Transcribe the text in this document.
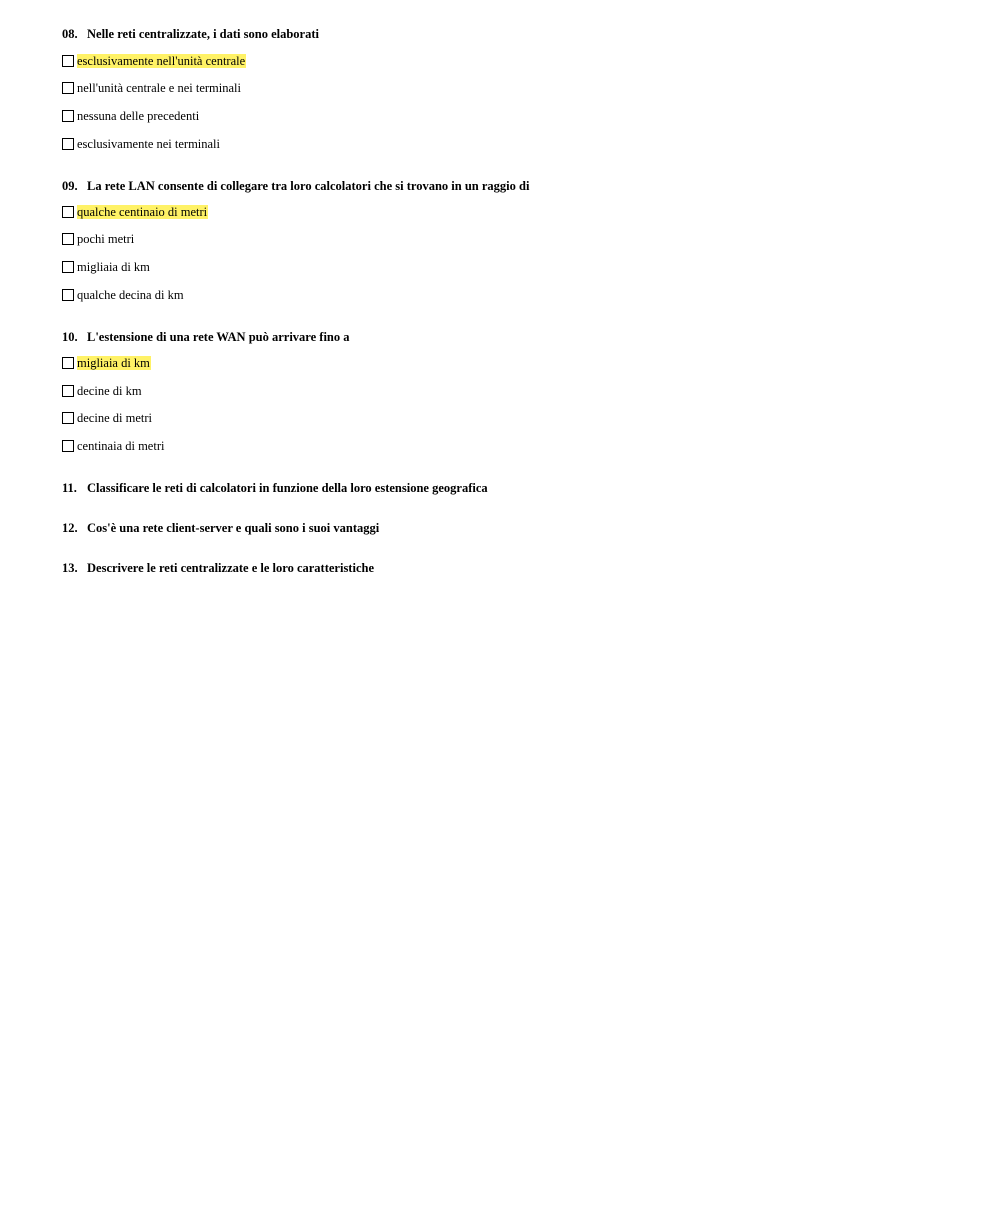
08. Nelle reti centralizzate, i dati sono elaborati
esclusivamente nell'unità centrale
nell'unità centrale e nei terminali
nessuna delle precedenti
esclusivamente nei terminali
09. La rete LAN consente di collegare tra loro calcolatori che si trovano in un raggio di
qualche centinaio di metri
pochi metri
migliaia di km
qualche decina di km
10. L'estensione di una rete WAN può arrivare fino a
migliaia di km
decine di km
decine di metri
centinaia di metri
11. Classificare le reti di calcolatori in funzione della loro estensione geografica
12. Cos'è una rete client-server e quali sono i suoi vantaggi
13. Descrivere le reti centralizzate e le loro caratteristiche
